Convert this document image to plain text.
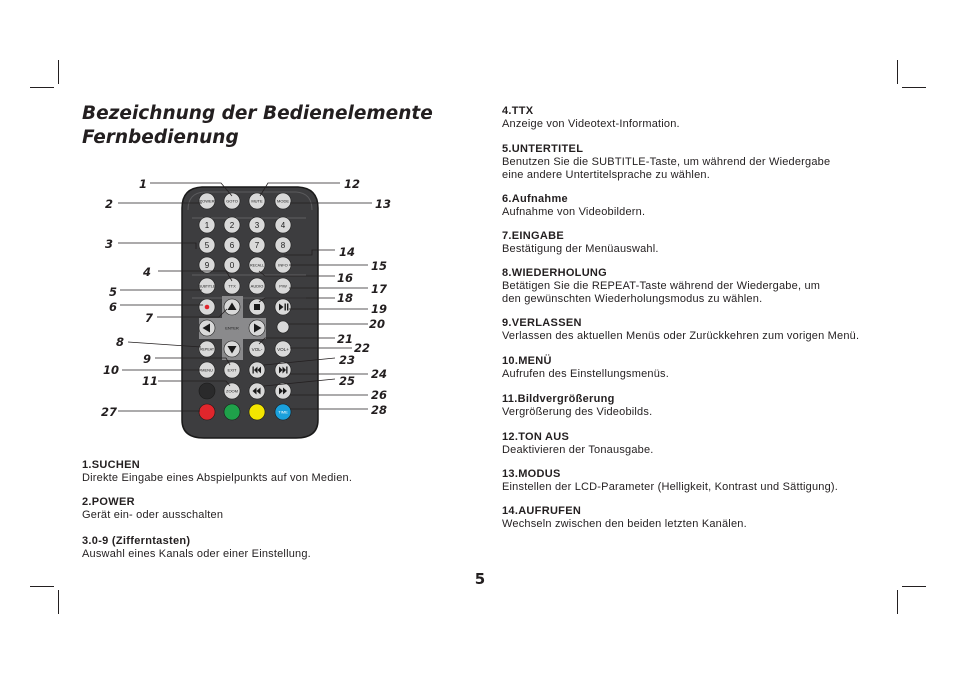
Bezeichnung der Bedienelemente
Fernbedienung
POWER	GOTO	MUTE	MODE
1	2	3	4
5	6	7	8
9	0	RECALL	INFO
SUBTITLE	TTX	AUDIO	P/W
ENTER
REPEAT	VOL-	VOL+
MENU	EXIT
ZOOM
TIME
1
2
3
4
5
6
7
8
9
10
11
12
13
14
15
16
17
18
19
20
21
22
23
24
25
26
27	28
1.SUCHEN
Direkte Eingabe eines Abspielpunkts auf von Medien.
2.POWER
Gerät ein- oder ausschalten
3.0-9 (Zifferntasten)
Auswahl eines Kanals oder einer Einstellung.
4.TTX
Anzeige von Videotext-Information.
5.UNTERTITEL
Benutzen Sie die SUBTITLE-Taste, um während der Wiedergabe
eine andere Untertitelsprache zu wählen.
6.Aufnahme
Aufnahme von Videobildern.
7.EINGABE
Bestätigung der Menüauswahl.
8.WIEDERHOLUNG
Betätigen Sie die REPEAT-Taste während der Wiedergabe, um
den gewünschten Wiederholungsmodus zu wählen.
9.VERLASSEN
Verlassen des aktuellen Menüs oder Zurückkehren zum vorigen Menü.
10.MENÜ
Aufrufen des Einstellungsmenüs.
11.Bildvergrößerung
Vergrößerung des Videobilds.
12.TON AUS
Deaktivieren der Tonausgabe.
13.MODUS
Einstellen der LCD-Parameter (Helligkeit, Kontrast und Sättigung).
14.AUFRUFEN
Wechseln zwischen den beiden letzten Kanälen.
5
